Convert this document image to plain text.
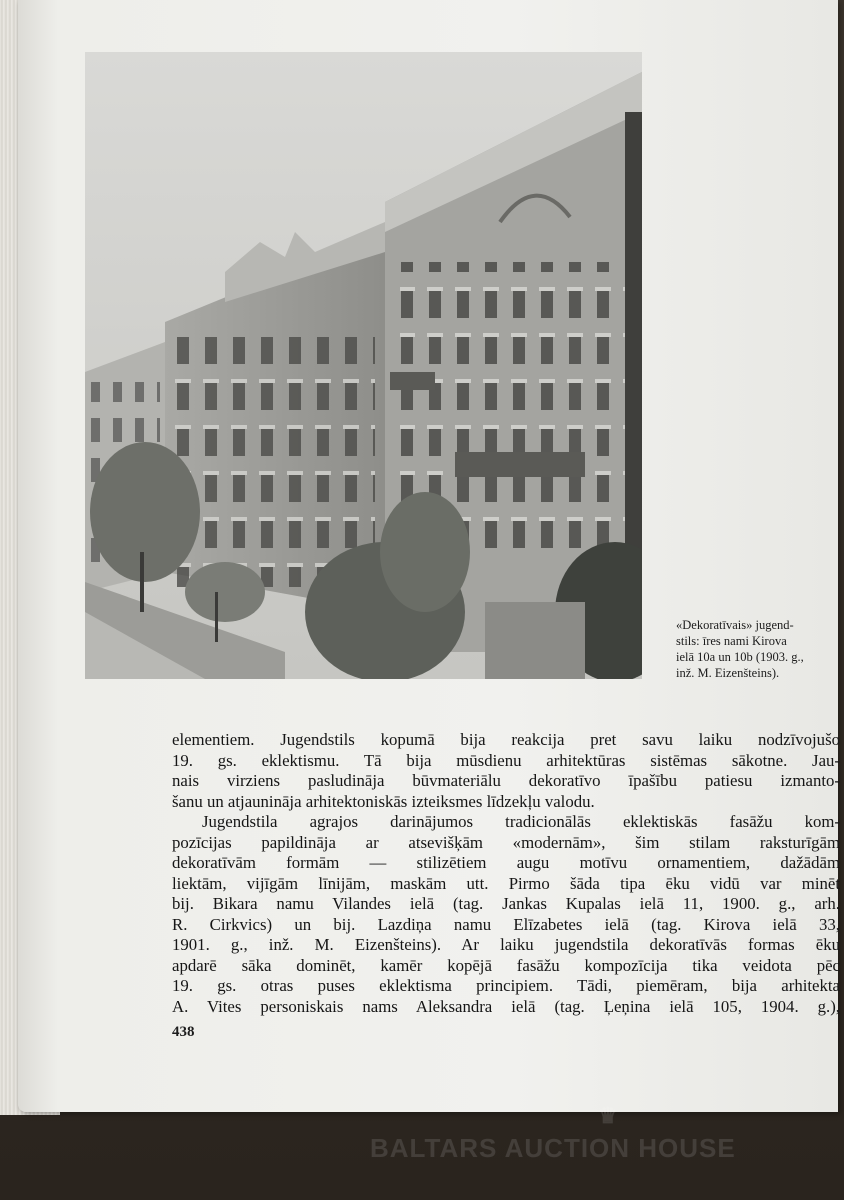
«Dekoratīvais» jugend-
stils: īres nami Kirova
ielā 10a un 10b (1903. g.,
inž. M. Eizenšteins).
elementiem. Jugendstils kopumā bija reakcija pret savu laiku nodzīvojušo
19. gs. eklektismu. Tā bija mūsdienu arhitektūras sistēmas sākotne. Jau-
nais virziens pasludināja būvmateriālu dekoratīvo īpašību patiesu izmanto-
šanu un atjaunināja arhitektoniskās izteiksmes līdzekļu valodu.
Jugendstila agrajos darinājumos tradicionālās eklektiskās fasāžu kom-
pozīcijas papildināja ar atsevišķām «modernām», šim stilam raksturīgām
dekoratīvām formām — stilizētiem augu motīvu ornamentiem, dažādām
liektām, vijīgām līnijām, maskām utt. Pirmo šāda tipa ēku vidū var minēt
bij. Bikara namu Vilandes ielā (tag. Jankas Kupalas ielā 11, 1900. g., arh.
R. Cirkvics) un bij. Lazdiņa namu Elīzabetes ielā (tag. Kirova ielā 33,
1901. g., inž. M. Eizenšteins). Ar laiku jugendstila dekoratīvās formas ēku
apdarē sāka dominēt, kamēr kopējā fasāžu kompozīcija tika veidota pēc
19. gs. otras puses eklektisma principiem. Tādi, piemēram, bija arhitekta
A. Vites personiskais nams Aleksandra ielā (tag. Ļeņina ielā 105, 1904. g.),
438
♛
BALTARS AUCTION HOUSE
